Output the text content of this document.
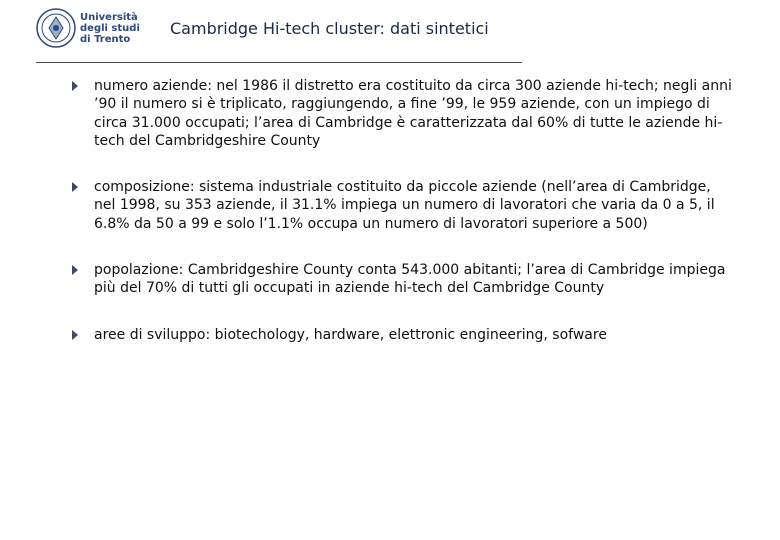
Università
degli studi
di Trento
Cambridge Hi-tech cluster: dati sintetici
numero aziende: nel 1986 il distretto era costituito da circa 300 aziende hi-tech; negli anni ’90 il numero si è triplicato, raggiungendo, a fine ’99, le 959 aziende, con un impiego di circa 31.000 occupati; l’area di Cambridge è caratterizzata dal 60% di tutte le aziende hi-tech del Cambridgeshire County
composizione: sistema industriale costituito da piccole aziende (nell’area di Cambridge, nel 1998, su 353 aziende, il 31.1% impiega un numero di lavoratori che varia da 0 a 5, il 6.8% da 50 a 99 e solo l’1.1% occupa un numero di lavoratori superiore a 500)
popolazione: Cambridgeshire County conta 543.000 abitanti; l’area di Cambridge impiega più del 70% di tutti gli occupati in aziende hi-tech del Cambridge County
aree di sviluppo: biotechology, hardware, elettronic engineering, sofware
